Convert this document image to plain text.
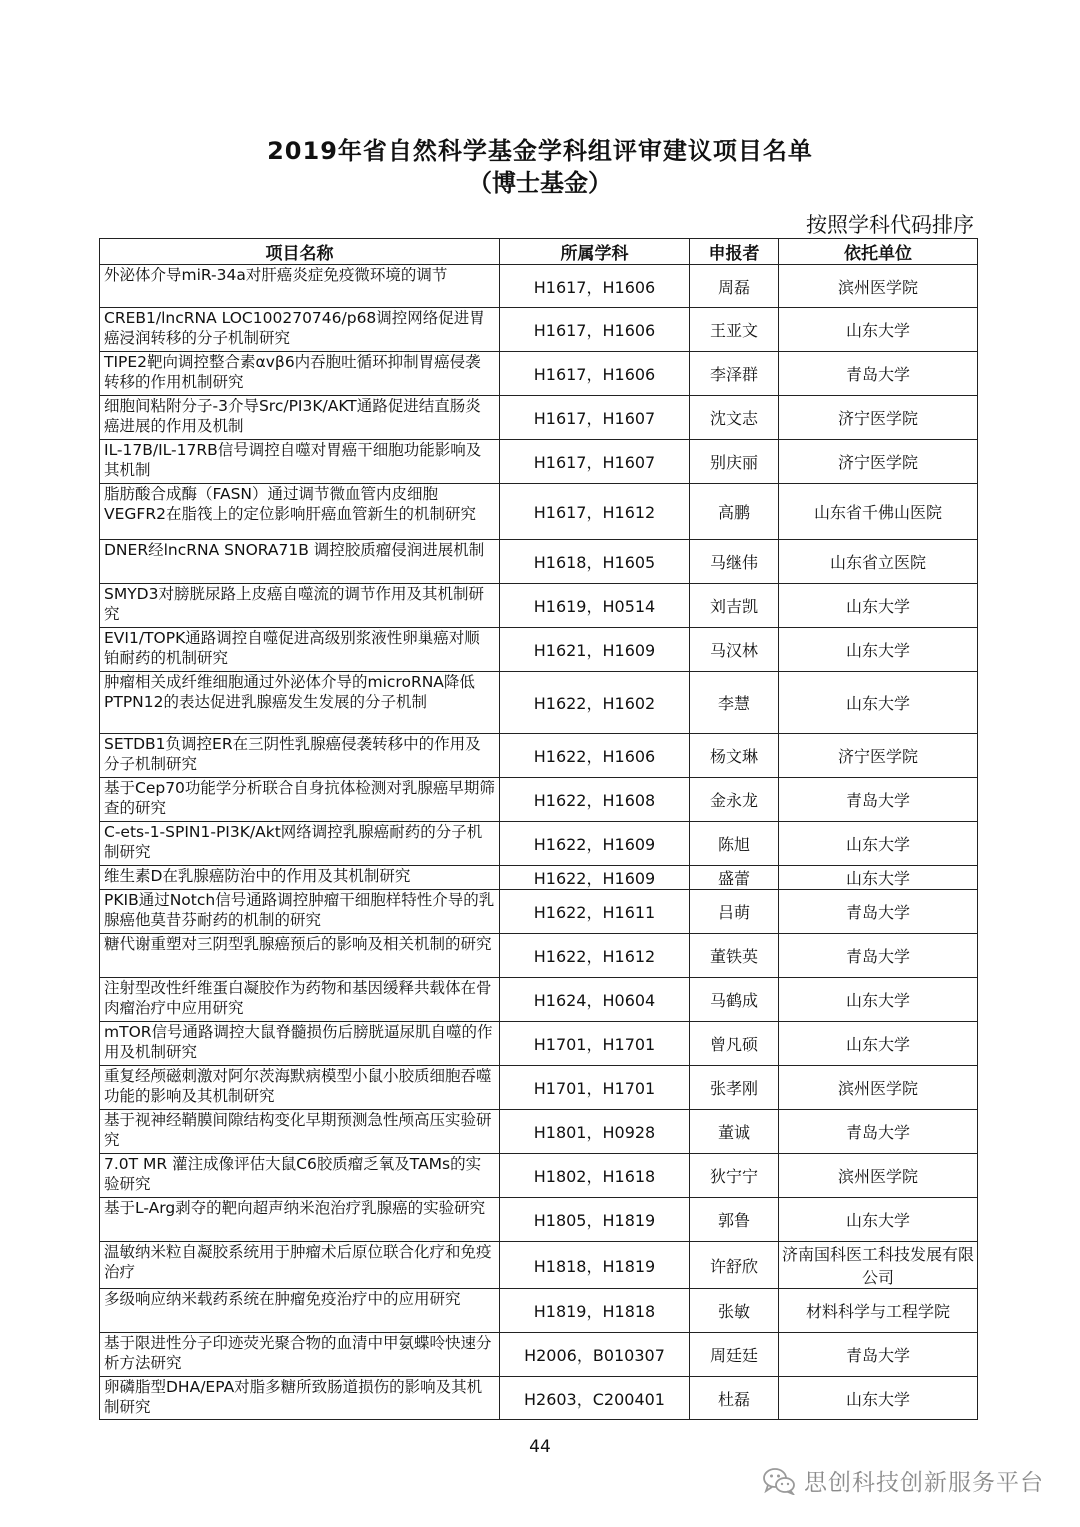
2019年省自然科学基金学科组评审建议项目名单
（博士基金）
按照学科代码排序
项目名称	所属学科	申报者	依托单位
外泌体介导miR-34a对肝癌炎症免疫微环境的调节	H1617，H1606	周磊	滨州医学院
CREB1/lncRNA LOC100270746/p68调控网络促进胃癌浸润转移的分子机制研究	H1617，H1606	王亚文	山东大学
TIPE2靶向调控整合素αvβ6内吞胞吐循环抑制胃癌侵袭转移的作用机制研究	H1617，H1606	李泽群	青岛大学
细胞间粘附分子-3介导Src/PI3K/AKT通路促进结直肠炎癌进展的作用及机制	H1617，H1607	沈文志	济宁医学院
IL-17B/IL-17RB信号调控自噬对胃癌干细胞功能影响及其机制	H1617，H1607	别庆丽	济宁医学院
脂肪酸合成酶（FASN）通过调节微血管内皮细胞VEGFR2在脂筏上的定位影响肝癌血管新生的机制研究	H1617，H1612	高鹏	山东省千佛山医院
DNER经lncRNA SNORA71B 调控胶质瘤侵润进展机制	H1618，H1605	马继伟	山东省立医院
SMYD3对膀胱尿路上皮癌自噬流的调节作用及其机制研究	H1619，H0514	刘吉凯	山东大学
EVI1/TOPK通路调控自噬促进高级别浆液性卵巢癌对顺铂耐药的机制研究	H1621，H1609	马汉林	山东大学
肿瘤相关成纤维细胞通过外泌体介导的microRNA降低PTPN12的表达促进乳腺癌发生发展的分子机制	H1622，H1602	李慧	山东大学
SETDB1负调控ER在三阴性乳腺癌侵袭转移中的作用及分子机制研究	H1622，H1606	杨文琳	济宁医学院
基于Cep70功能学分析联合自身抗体检测对乳腺癌早期筛查的研究	H1622，H1608	金永龙	青岛大学
C-ets-1-SPIN1-PI3K/Akt网络调控乳腺癌耐药的分子机制研究	H1622，H1609	陈旭	山东大学
维生素D在乳腺癌防治中的作用及其机制研究	H1622，H1609	盛蕾	山东大学
PKIB通过Notch信号通路调控肿瘤干细胞样特性介导的乳腺癌他莫昔芬耐药的机制的研究	H1622，H1611	吕萌	青岛大学
糖代谢重塑对三阴型乳腺癌预后的影响及相关机制的研究	H1622，H1612	董铁英	青岛大学
注射型改性纤维蛋白凝胶作为药物和基因缓释共载体在骨肉瘤治疗中应用研究	H1624，H0604	马鹤成	山东大学
mTOR信号通路调控大鼠脊髓损伤后膀胱逼尿肌自噬的作用及机制研究	H1701，H1701	曾凡硕	山东大学
重复经颅磁刺激对阿尔茨海默病模型小鼠小胶质细胞吞噬功能的影响及其机制研究	H1701，H1701	张孝刚	滨州医学院
基于视神经鞘膜间隙结构变化早期预测急性颅高压实验研究	H1801，H0928	董诚	青岛大学
7.0T MR 灌注成像评估大鼠C6胶质瘤乏氧及TAMs的实验研究	H1802，H1618	狄宁宁	滨州医学院
基于L-Arg剥夺的靶向超声纳米泡治疗乳腺癌的实验研究	H1805，H1819	郭鲁	山东大学
温敏纳米粒自凝胶系统用于肿瘤术后原位联合化疗和免疫治疗	H1818，H1819	许舒欣	济南国科医工科技发展有限公司
多级响应纳米载药系统在肿瘤免疫治疗中的应用研究	H1819，H1818	张敏	材料科学与工程学院
基于限进性分子印迹荧光聚合物的血清中甲氨蝶呤快速分析方法研究	H2006，B010307	周廷廷	青岛大学
卵磷脂型DHA/EPA对脂多糖所致肠道损伤的影响及其机制研究	H2603，C200401	杜磊	山东大学
44
思创科技创新服务平台
